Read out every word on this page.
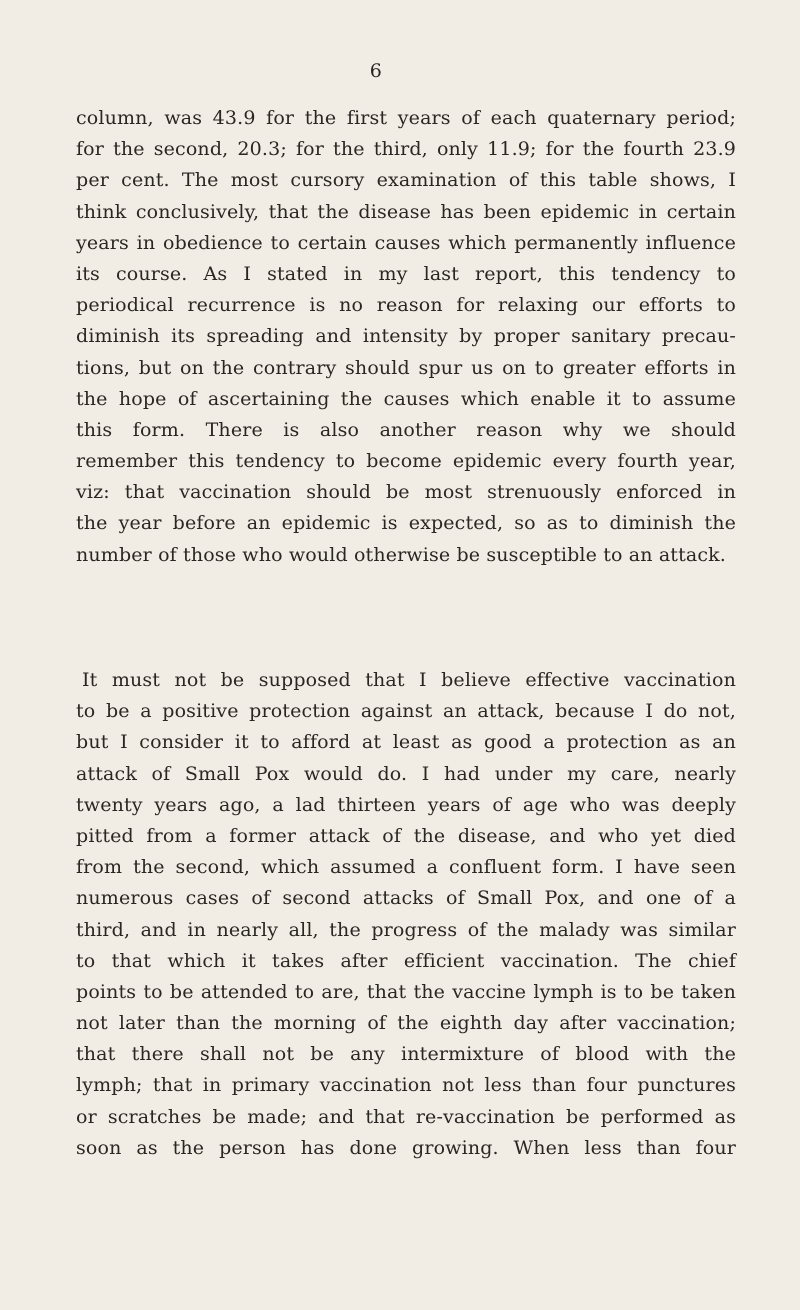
6
column, was 43.9 for the first years of each quaternary period;
for the second, 20.3; for the third, only 11.9; for the fourth 23.9
per cent. The most cursory examination of this table shows, I
think conclusively, that the disease has been epidemic in certain
years in obedience to certain causes which permanently influence
its course. As I stated in my last report, this tendency to
periodical recurrence is no reason for relaxing our efforts to
diminish its spreading and intensity by proper sanitary precau-
tions, but on the contrary should spur us on to greater efforts in
the hope of ascertaining the causes which enable it to assume
this form. There is also another reason why we should
remember this tendency to become epidemic every fourth year,
viz: that vaccination should be most strenuously enforced in
the year before an epidemic is expected, so as to diminish the
number of those who would otherwise be susceptible to an attack.
It must not be supposed that I believe effective vaccination
to be a positive protection against an attack, because I do not,
but I consider it to afford at least as good a protection as an
attack of Small Pox would do. I had under my care, nearly
twenty years ago, a lad thirteen years of age who was deeply
pitted from a former attack of the disease, and who yet died
from the second, which assumed a confluent form. I have seen
numerous cases of second attacks of Small Pox, and one of a
third, and in nearly all, the progress of the malady was similar
to that which it takes after efficient vaccination. The chief
points to be attended to are, that the vaccine lymph is to be taken
not later than the morning of the eighth day after vaccination;
that there shall not be any intermixture of blood with the
lymph; that in primary vaccination not less than four punctures
or scratches be made; and that re-vaccination be performed as
soon as the person has done growing. When less than four
